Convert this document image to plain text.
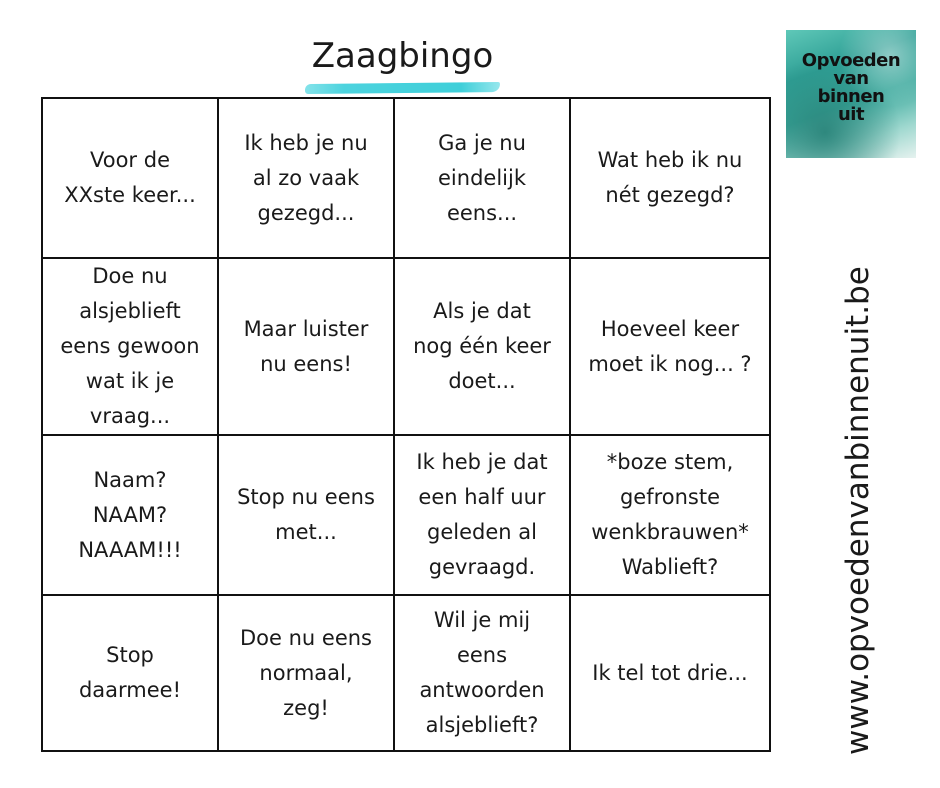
Zaagbingo
Voor de
XXste keer...	Ik heb je nu
al zo vaak
gezegd...	Ga je nu
eindelijk
eens...	Wat heb ik nu
nét gezegd?

Doe nu
alsjeblieft
eens gewoon
wat ik je
vraag...	Maar luister
nu eens!	Als je dat
nog één keer
doet...	Hoeveel keer
moet ik nog... ?

Naam?
NAAM?
NAAAM!!!	Stop nu eens
met...	Ik heb je dat
een half uur
geleden al
gevraagd.	*boze stem,
gefronste
wenkbrauwen*
Wablieft?

Stop
daarmee!	Doe nu eens
normaal,
zeg!	Wil je mij
eens
antwoorden
alsjeblieft?	Ik tel tot drie...
Opvoeden
van
binnen
uit
www.opvoedenvanbinnenuit.be
